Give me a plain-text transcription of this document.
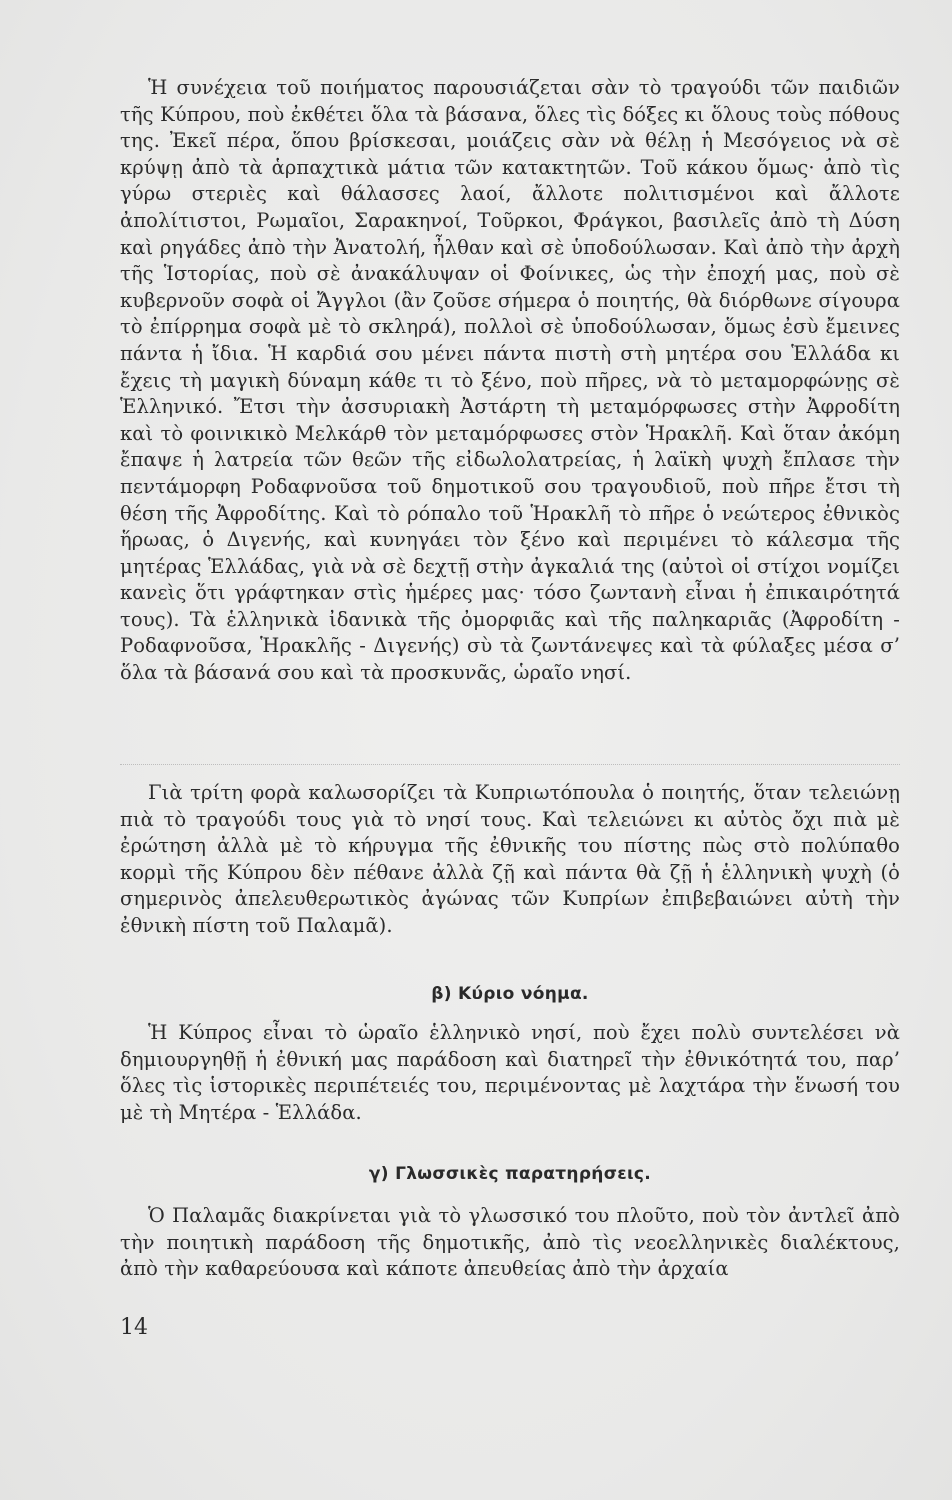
Ἡ συνέχεια τοῦ ποιήματος παρουσιάζεται σὰν τὸ τραγούδι τῶν παιδιῶν τῆς Κύπρου, ποὺ ἐκθέτει ὅλα τὰ βάσανα, ὅλες τὶς δόξες κι ὅλους τοὺς πόθους της. Ἐκεῖ πέρα, ὅπου βρίσκεσαι, μοιάζεις σὰν νὰ θέλῃ ἡ Μεσόγειος νὰ σὲ κρύψῃ ἀπὸ τὰ ἁρπαχτικὰ μάτια τῶν κατακτητῶν. Τοῦ κάκου ὅμως· ἀπὸ τὶς γύρω στεριὲς καὶ θάλασσες λαοί, ἄλλοτε πολιτισμένοι καὶ ἄλλοτε ἀπολίτιστοι, Ρωμαῖοι, Σαρακηνοί, Τοῦρκοι, Φράγκοι, βασιλεῖς ἀπὸ τὴ Δύση καὶ ρηγάδες ἀπὸ τὴν Ἀνατολή, ἦλθαν καὶ σὲ ὑποδούλωσαν. Καὶ ἀπὸ τὴν ἀρχὴ τῆς Ἱστορίας, ποὺ σὲ ἀνακάλυψαν οἱ Φοίνικες, ὡς τὴν ἐποχή μας, ποὺ σὲ κυβερνοῦν σοφὰ οἱ Ἄγγλοι (ἂν ζοῦσε σήμερα ὁ ποιητής, θὰ διόρθωνε σίγουρα τὸ ἐπίρρημα σοφὰ μὲ τὸ σκληρά), πολλοὶ σὲ ὑποδούλωσαν, ὅμως ἐσὺ ἔμεινες πάντα ἡ ἴδια. Ἡ καρδιά σου μένει πάντα πιστὴ στὴ μητέρα σου Ἑλλάδα κι ἔχεις τὴ μαγικὴ δύναμη κάθε τι τὸ ξένο, ποὺ πῆρες, νὰ τὸ μεταμορφώνῃς σὲ Ἑλληνικό. Ἔτσι τὴν ἀσσυριακὴ Ἀστάρτη τὴ μεταμόρφωσες στὴν Ἀφροδίτη καὶ τὸ φοινικικὸ Μελκάρθ τὸν μεταμόρφωσες στὸν Ἡρακλῆ. Καὶ ὅταν ἀκόμη ἔπαψε ἡ λατρεία τῶν θεῶν τῆς εἰδωλολατρείας, ἡ λαϊκὴ ψυχὴ ἔπλασε τὴν πεντάμορφη Ροδαφνοῦσα τοῦ δημοτικοῦ σου τραγουδιοῦ, ποὺ πῆρε ἔτσι τὴ θέση τῆς Ἀφροδίτης. Καὶ τὸ ρόπαλο τοῦ Ἡρακλῆ τὸ πῆρε ὁ νεώτερος ἐθνικὸς ἥρωας, ὁ Διγενής, καὶ κυνηγάει τὸν ξένο καὶ περιμένει τὸ κάλεσμα τῆς μητέρας Ἑλλάδας, γιὰ νὰ σὲ δεχτῇ στὴν ἀγκαλιά της (αὐτοὶ οἱ στίχοι νομίζει κανεὶς ὅτι γράφτηκαν στὶς ἡμέρες μας· τόσο ζωντανὴ εἶναι ἡ ἐπικαιρότητά τους). Τὰ ἑλληνικὰ ἰδανικὰ τῆς ὀμορφιᾶς καὶ τῆς παληκαριᾶς (Ἀφροδίτη - Ροδαφνοῦσα, Ἡρακλῆς - Διγενής) σὺ τὰ ζωντάνεψες καὶ τὰ φύλαξες μέσα σ’ ὅλα τὰ βάσανά σου καὶ τὰ προσκυνᾶς, ὡραῖο νησί.

Γιὰ τρίτη φορὰ καλωσορίζει τὰ Κυπριωτόπουλα ὁ ποιητής, ὅταν τελειώνῃ πιὰ τὸ τραγούδι τους γιὰ τὸ νησί τους. Καὶ τελειώνει κι αὐτὸς ὄχι πιὰ μὲ ἐρώτηση ἀλλὰ μὲ τὸ κήρυγμα τῆς ἐθνικῆς του πίστης πὼς στὸ πολύπαθο κορμὶ τῆς Κύπρου δὲν πέθανε ἀλλὰ ζῇ καὶ πάντα θὰ ζῇ ἡ ἑλληνικὴ ψυχὴ (ὁ σημερινὸς ἀπελευθερωτικὸς ἀγώνας τῶν Κυπρίων ἐπιβεβαιώνει αὐτὴ τὴν ἐθνικὴ πίστη τοῦ Παλαμᾶ).

β) Κύριο νόημα.

Ἡ Κύπρος εἶναι τὸ ὡραῖο ἑλληνικὸ νησί, ποὺ ἔχει πολὺ συντελέσει νὰ δημιουργηθῇ ἡ ἐθνική μας παράδοση καὶ διατηρεῖ τὴν ἐθνικότητά του, παρ’ ὅλες τὶς ἱστορικὲς περιπέτειές του, περιμένοντας μὲ λαχτάρα τὴν ἕνωσή του μὲ τὴ Μητέρα - Ἑλλάδα.

γ) Γλωσσικὲς παρατηρήσεις.

Ὁ Παλαμᾶς διακρίνεται γιὰ τὸ γλωσσικό του πλοῦτο, ποὺ τὸν ἀντλεῖ ἀπὸ τὴν ποιητικὴ παράδοση τῆς δημοτικῆς, ἀπὸ τὶς νεοελληνικὲς διαλέκτους, ἀπὸ τὴν καθαρεύουσα καὶ κάποτε ἀπευθείας ἀπὸ τὴν ἀρχαία

14
